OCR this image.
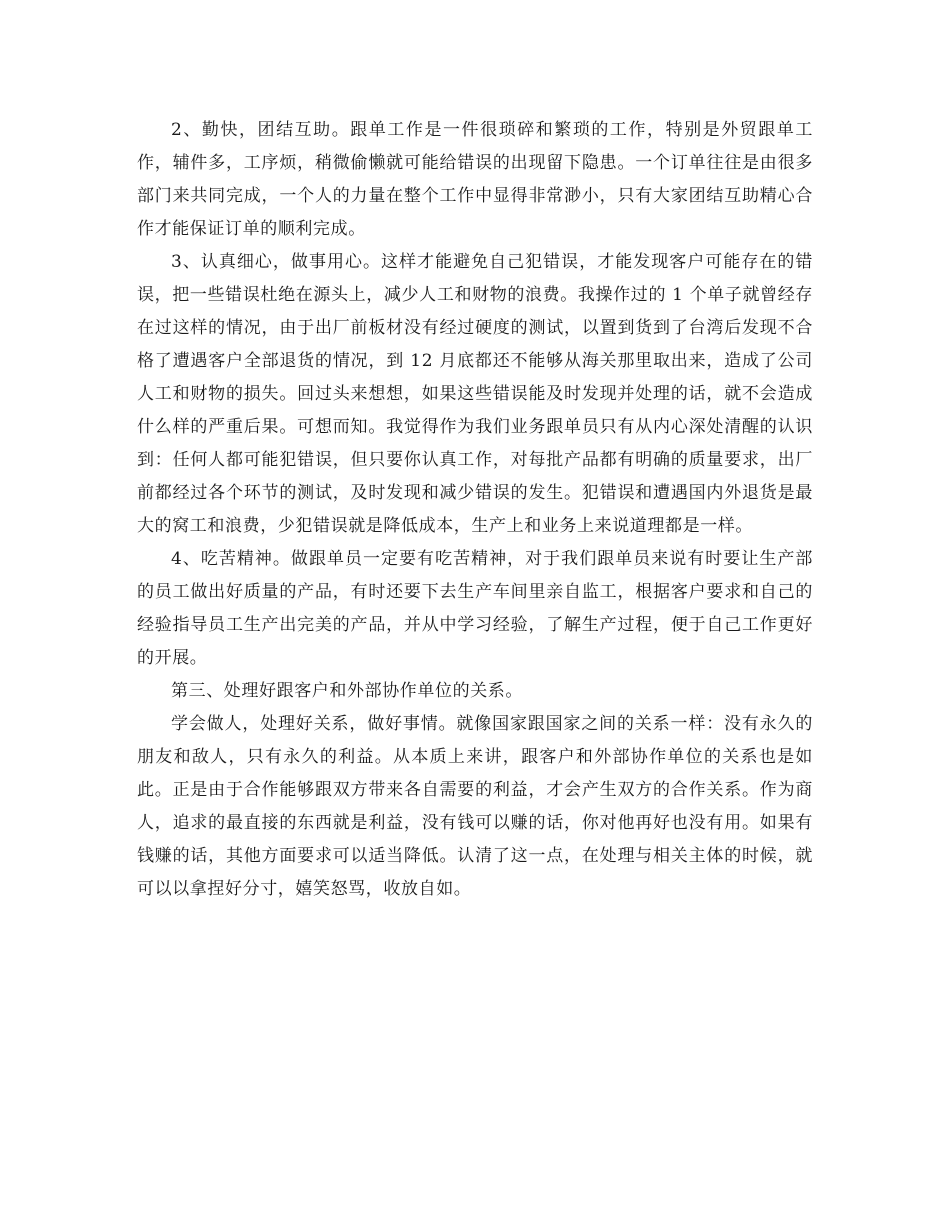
2、勤快，团结互助。跟单工作是一件很琐碎和繁琐的工作，特别是外贸跟单工作，辅件多，工序烦，稍微偷懒就可能给错误的出现留下隐患。一个订单往往是由很多部门来共同完成，一个人的力量在整个工作中显得非常渺小，只有大家团结互助精心合作才能保证订单的顺利完成。

3、认真细心，做事用心。这样才能避免自己犯错误，才能发现客户可能存在的错误，把一些错误杜绝在源头上，减少人工和财物的浪费。我操作过的 1 个单子就曾经存在过这样的情况，由于出厂前板材没有经过硬度的测试，以置到货到了台湾后发现不合格了遭遇客户全部退货的情况，到 12 月底都还不能够从海关那里取出来，造成了公司人工和财物的损失。回过头来想想，如果这些错误能及时发现并处理的话，就不会造成什么样的严重后果。可想而知。我觉得作为我们业务跟单员只有从内心深处清醒的认识到：任何人都可能犯错误，但只要你认真工作，对每批产品都有明确的质量要求，出厂前都经过各个环节的测试，及时发现和减少错误的发生。犯错误和遭遇国内外退货是最大的窝工和浪费，少犯错误就是降低成本，生产上和业务上来说道理都是一样。

4、吃苦精神。做跟单员一定要有吃苦精神，对于我们跟单员来说有时要让生产部的员工做出好质量的产品，有时还要下去生产车间里亲自监工，根据客户要求和自己的经验指导员工生产出完美的产品，并从中学习经验，了解生产过程，便于自己工作更好的开展。

第三、处理好跟客户和外部协作单位的关系。

学会做人，处理好关系，做好事情。就像国家跟国家之间的关系一样：没有永久的朋友和敌人，只有永久的利益。从本质上来讲，跟客户和外部协作单位的关系也是如此。正是由于合作能够跟双方带来各自需要的利益，才会产生双方的合作关系。作为商人，追求的最直接的东西就是利益，没有钱可以赚的话，你对他再好也没有用。如果有钱赚的话，其他方面要求可以适当降低。认清了这一点，在处理与相关主体的时候，就可以以拿捏好分寸，嬉笑怒骂，收放自如。
